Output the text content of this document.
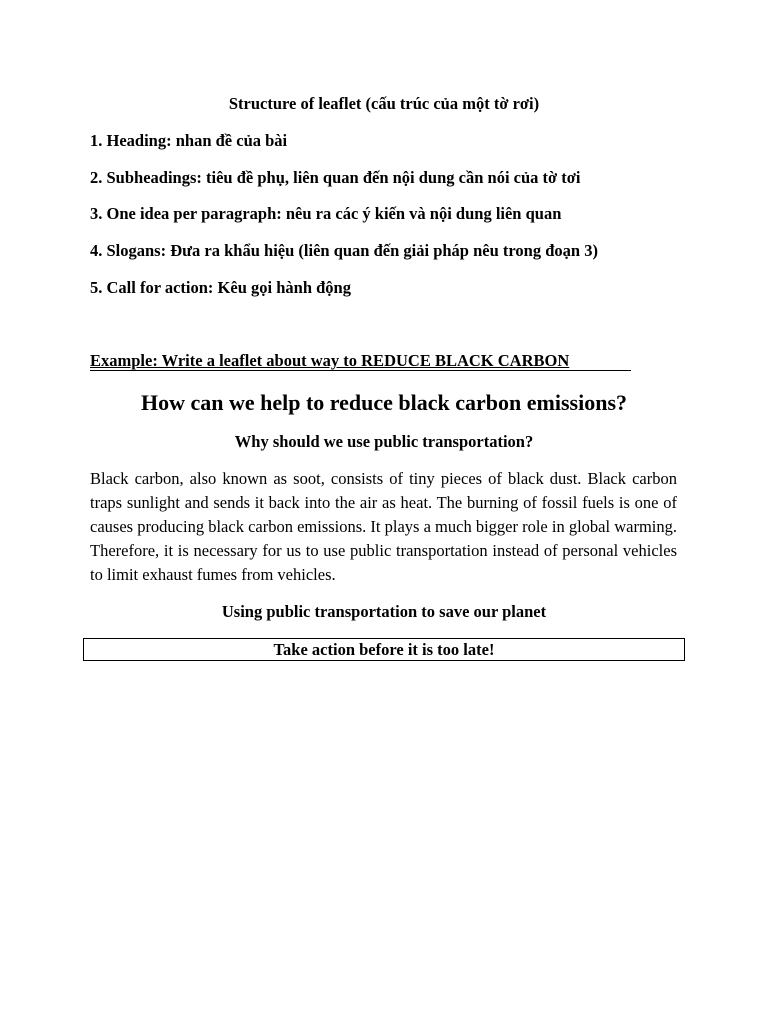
Structure of leaflet (cấu trúc của một tờ rơi)
1. Heading: nhan đề của bài
2. Subheadings: tiêu đề phụ, liên quan đến nội dung cần nói của tờ tơi
3. One idea per paragraph: nêu ra các ý kiến và nội dung liên quan
4. Slogans: Đưa ra khẩu hiệu (liên quan đến giải pháp nêu trong đoạn 3)
5. Call for action: Kêu gọi hành động
Example: Write a leaflet about way to REDUCE BLACK CARBON
How can we help to reduce black carbon emissions?
Why should we use public transportation?
Black carbon, also known as soot, consists of tiny pieces of black dust. Black carbon traps sunlight and sends it back into the air as heat. The burning of fossil fuels is one of causes producing black carbon emissions. It plays a much bigger role in global warming. Therefore, it is necessary for us to use public transportation instead of personal vehicles to limit exhaust fumes from vehicles.
Using public transportation to save our planet
Take action before it is too late!
